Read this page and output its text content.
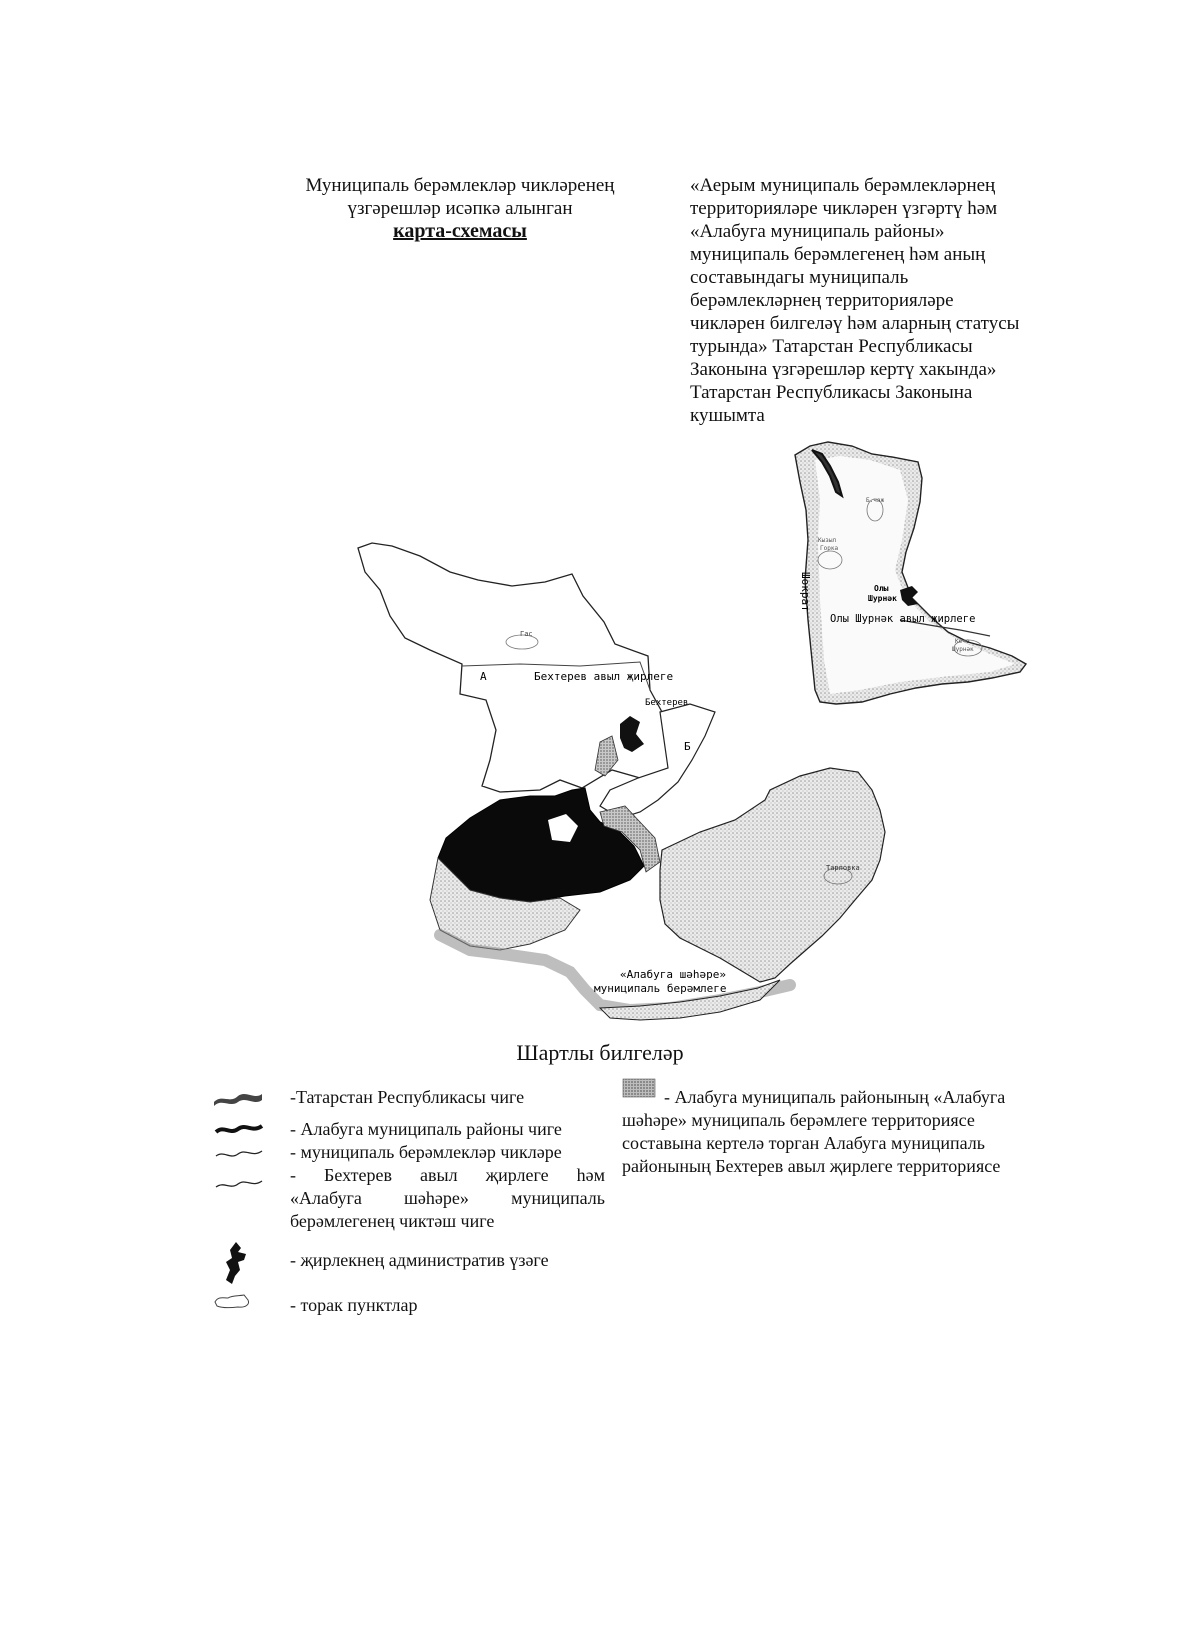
Муниципаль берәмлекләр чикләренең
үзгәрешләр исәпкә алынган
карта-схемасы
«Аерым муниципаль берәмлекләрнең
территорияләре чикләрен үзгәртү һәм
«Алабуга муниципаль районы»
муниципаль берәмлегенең һәм аның
составындагы муниципаль
берәмлекләрнең территорияләре
чикләрен билгеләү һәм аларның статусы
турында» Татарстан Республикасы
Законына үзгәрешләр кертү хакында»
Татарстан Республикасы Законына
кушымта
Бехтерев авыл җирлеге
Бехтерев
А
Б
Гас
Олы
Шурнәк
Олы Шурнәк авыл җирлеге
Шократ
Тарловка
«Алабуга шәһәре»
муниципаль берәмлеге
Б.чаж
Кызыл
Горка
Кече
Шурнәк
Шартлы билгеләр
-Татарстан Республикасы чиге
- Алабуга муниципаль районы чиге
- муниципаль берәмлекләр чикләре
- Бехтерев авыл җирлеге һәм
«Алабуга шәһәре» муниципаль
берәмлегенең чиктәш чиге
- җирлекнең административ үзәге
- торак пунктлар
- Алабуга муниципаль районының «Алабуга
шәһәре» муниципаль берәмлеге территориясе
составына кертелә торган Алабуга муниципаль
районының Бехтерев авыл җирлеге территориясе
